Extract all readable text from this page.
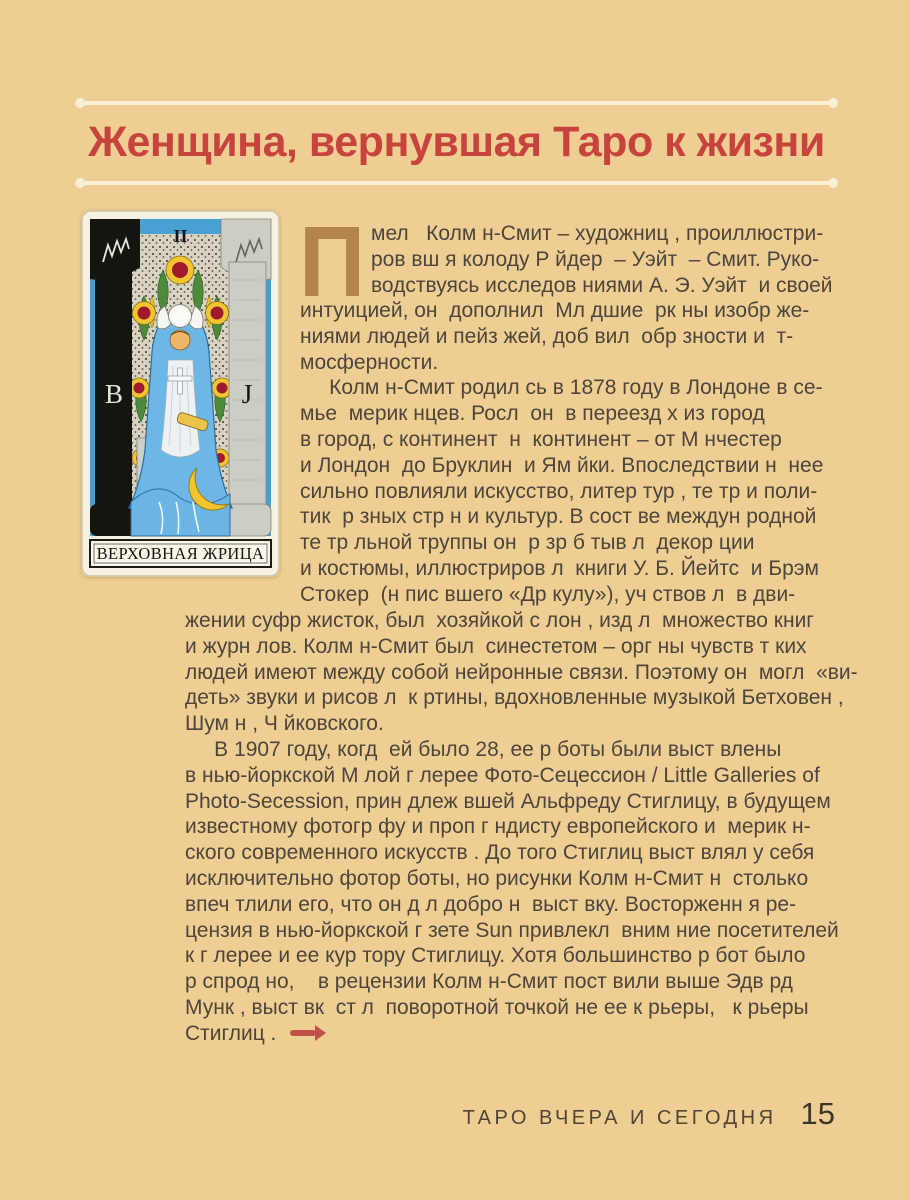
Женщина, вернувшая Таро к жизни
II
B	J
ВЕРХОВНАЯ ЖРИЦА
П мел   Колм н-Смит – художниц , проиллюстри-
ров вш я колоду Р йдер  – Уэйт  – Смит. Руко-
водствуясь исследов ниями А. Э. Уэйт  и своей
интуицией, он  дополнил  Мл дшие  рк ны изобр же-
ниями людей и пейз жей, доб вил  обр зности и  т-
мосферности.
Колм н-Смит родил сь в 1878 году в Лондоне в се-
мье  мерик нцев. Росл  он  в переезд х из город
в город, с континент  н  континент – от М нчестер
и Лондон  до Бруклин  и Ям йки. Впоследствии н  нее
сильно повлияли искусство, литер тур , те тр и поли-
тик  р зных стр н и культур. В сост ве междун родной
те тр льной труппы он  р зр б тыв л  декор ции
и костюмы, иллюстриров л  книги У. Б. Йейтс  и Брэм
Стокер  (н пис вшего «Др кулу»), уч ствов л  в дви-
жении суфр жисток, был  хозяйкой с лон , изд л  множество книг
и журн лов. Колм н-Смит был  синестетом – орг ны чувств т ких
людей имеют между собой нейронные связи. Поэтому он  могл  «ви-
деть» звуки и рисов л  к ртины, вдохновленные музыкой Бетховен ,
Шум н , Ч йковского.
В 1907 году, когд  ей было 28, ее р боты были выст влены
в нью-йоркской М лой г лерее Фото-Сецессион / Little Galleries of
Photo-Secession, прин длеж вшей Альфреду Стиглицу, в будущем
известному фотогр фу и проп г ндисту европейского и  мерик н-
ского современного искусств . До того Стиглиц выст влял у себя
исключительно фотор боты, но рисунки Колм н-Смит н  столько
впеч тлили его, что он д л добро н  выст вку. Восторженн я ре-
цензия в нью-йоркской г зете Sun привлекл  вним ние посетителей
к г лерее и ее кур тору Стиглицу. Хотя большинство р бот было
р спрод но,    в рецензии Колм н-Смит пост вили выше Эдв рд
Мунк , выст вк  ст л  поворотной точкой не ее к рьеры,   к рьеры
Стиглиц .
ТАРО ВЧЕРА И СЕГОДНЯ 15
